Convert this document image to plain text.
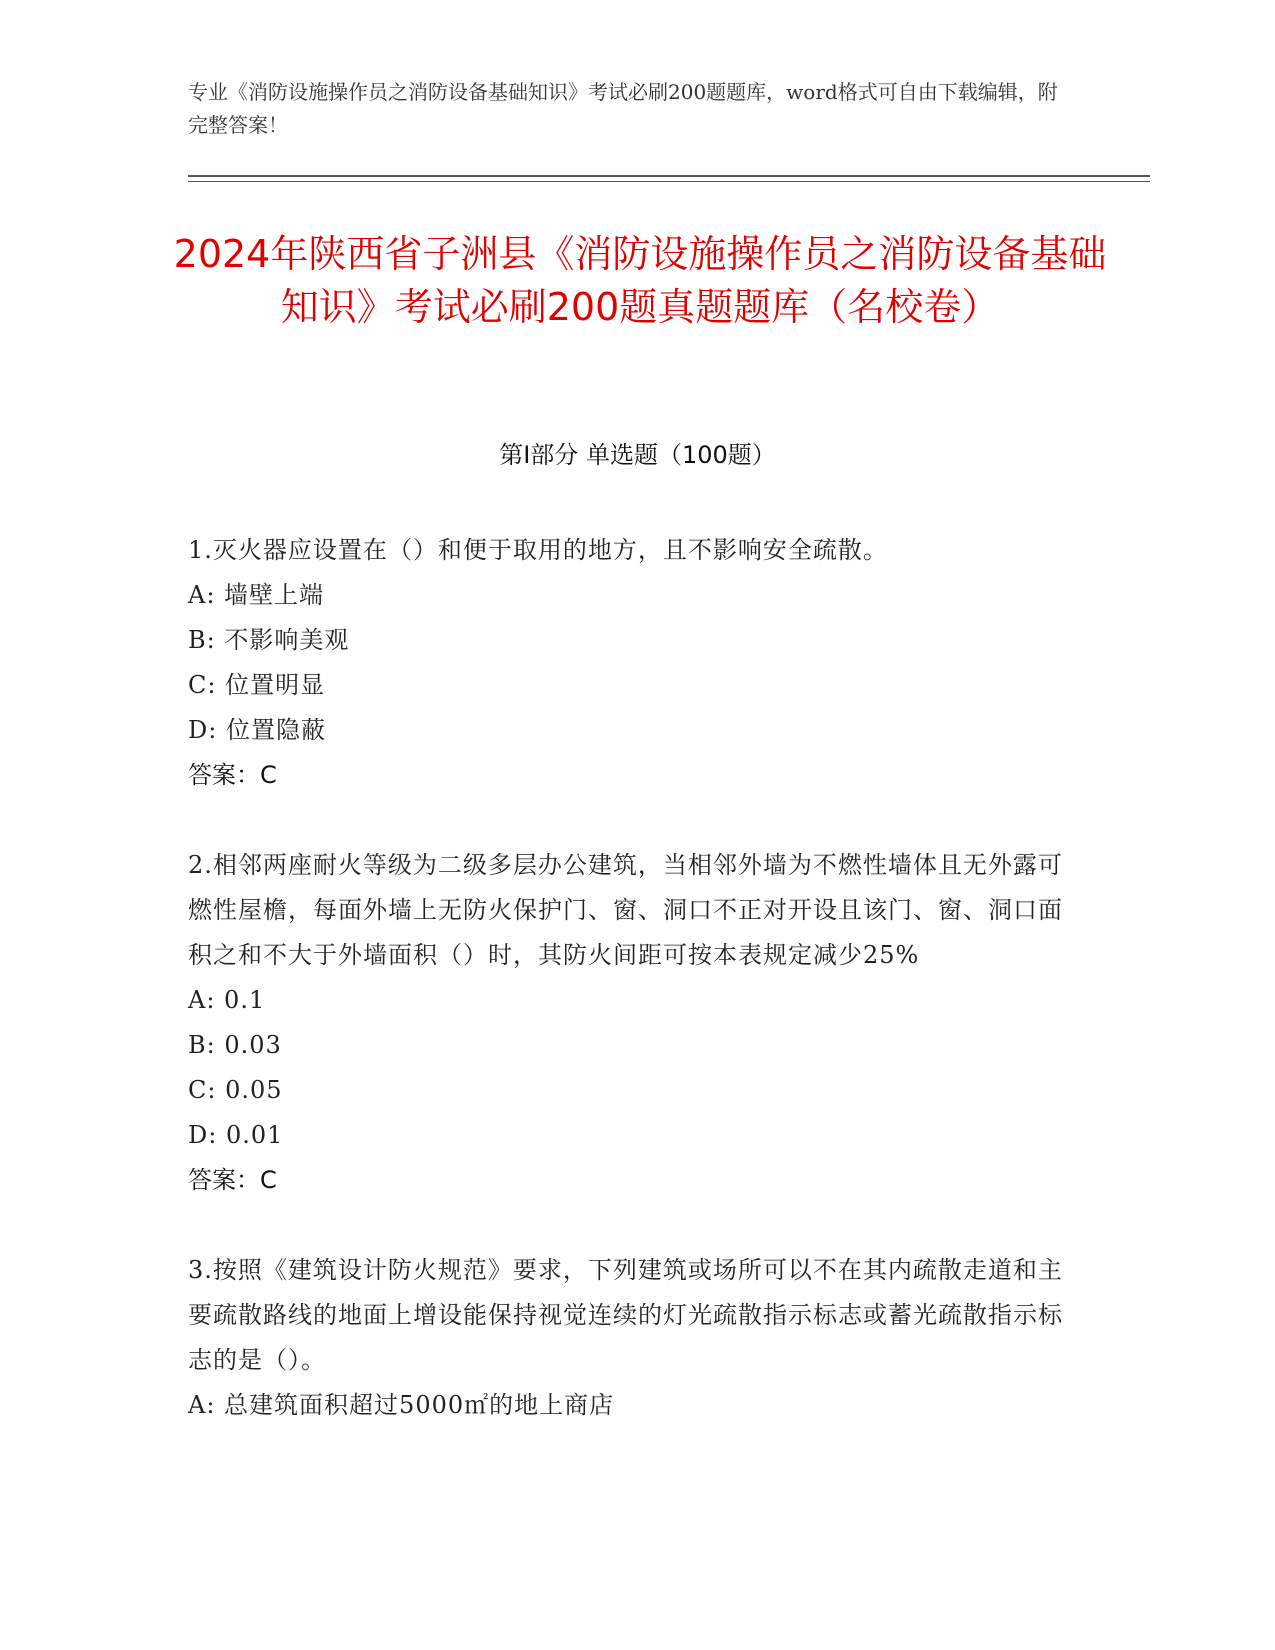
专业《消防设施操作员之消防设备基础知识》考试必刷200题题库，word格式可自由下载编辑，附完整答案！
2024年陕西省子洲县《消防设施操作员之消防设备基础知识》考试必刷200题真题题库（名校卷）
第I部分 单选题（100题）

1.灭火器应设置在（）和便于取用的地方，且不影响安全疏散。

A: 墙壁上端

B: 不影响美观

C: 位置明显

D: 位置隐蔽

答案：C

2.相邻两座耐火等级为二级多层办公建筑，当相邻外墙为不燃性墙体且无外露可燃性屋檐，每面外墙上无防火保护门、窗、洞口不正对开设且该门、窗、洞口面积之和不大于外墙面积（）时，其防火间距可按本表规定减少25%

A: 0.1

B: 0.03

C: 0.05

D: 0.01

答案：C

3.按照《建筑设计防火规范》要求，下列建筑或场所可以不在其内疏散走道和主要疏散路线的地面上增设能保持视觉连续的灯光疏散指示标志或蓄光疏散指示标志的是（）。

A: 总建筑面积超过5000㎡的地上商店
